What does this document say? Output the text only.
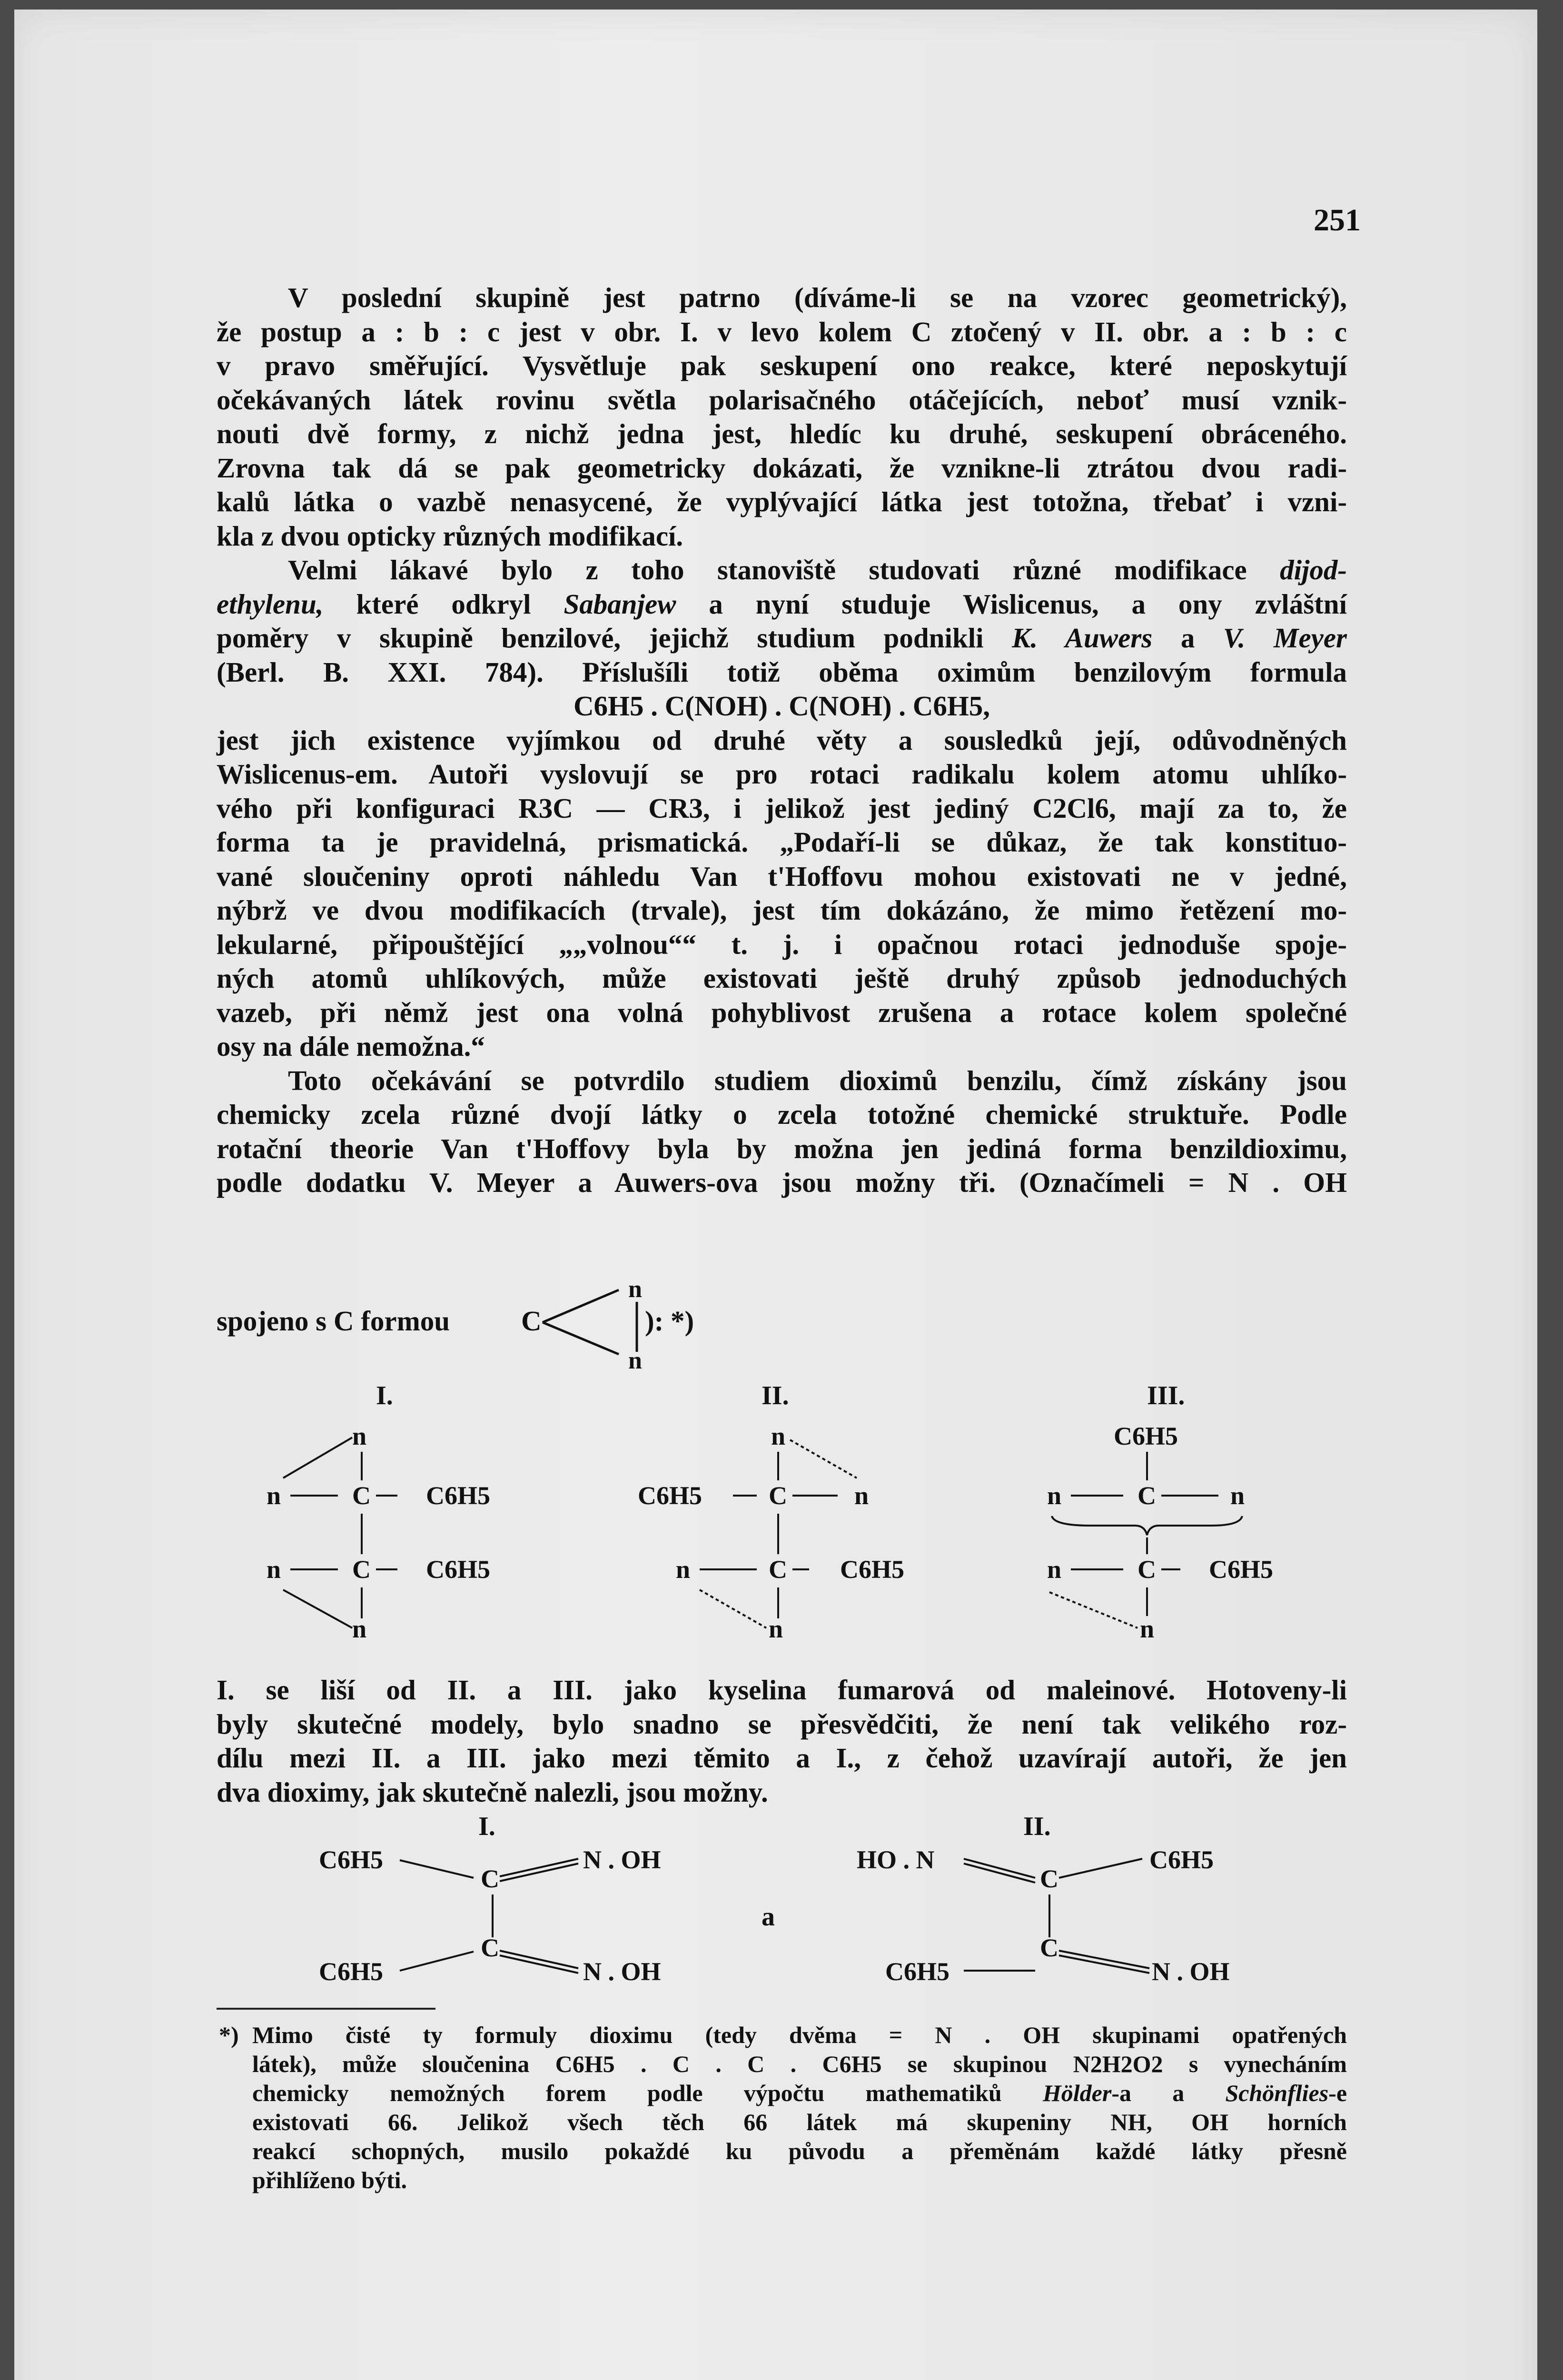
251

V poslední skupině jest patrno (díváme-li se na vzorec geometrický),
že postup a : b : c jest v obr. I. v levo kolem C ztočený v II. obr. a : b : c
v pravo směřující. Vysvětluje pak seskupení ono reakce, které neposkytují
očekávaných látek rovinu světla polarisačného otáčejících, neboť musí vznik-
nouti dvě formy, z nichž jedna jest, hledíc ku druhé, seskupení obráceného.
Zrovna tak dá se pak geometricky dokázati, že vznikne-li ztrátou dvou radi-
kalů látka o vazbě nenasycené, že vyplývající látka jest totožna, třebať i vzni-
kla z dvou opticky různých modifikací.

Velmi lákavé bylo z toho stanoviště studovati různé modifikace dijod-
ethylenu, které odkryl Sabanjew a nyní studuje Wislicenus, a ony zvláštní
poměry v skupině benzilové, jejichž studium podnikli K. Auwers a V. Meyer
(Berl. B. XXI. 784). Příslušíli totiž oběma oximům benzilovým formula
C6H5 . C(NOH) . C(NOH) . C6H5,
jest jich existence vyjímkou od druhé věty a sousledků její, odůvodněných
Wislicenus-em. Autoři vyslovují se pro rotaci radikalu kolem atomu uhlíko-
vého při konfiguraci R3C — CR3, i jelikož jest jediný C2Cl6, mají za to, že
forma ta je pravidelná, prismatická. „Podaří-li se důkaz, že tak konstituo-
vané sloučeniny oproti náhledu Van t'Hoffovu mohou existovati ne v jedné,
nýbrž ve dvou modifikacích (trvale), jest tím dokázáno, že mimo řetězení mo-
lekularné, připouštějící „„volnou““ t. j. i opačnou rotaci jednoduše spoje-
ných atomů uhlíkových, může existovati ještě druhý způsob jednoduchých
vazeb, při němž jest ona volná pohyblivost zrušena a rotace kolem společné
osy na dále nemožna.“

Toto očekávání se potvrdilo studiem dioximů benzilu, čímž získány jsou
chemicky zcela různé dvojí látky o zcela totožné chemické struktuře. Podle
rotační theorie Van t'Hoffovy byla by možna jen jediná forma benzildioximu,
podle dodatku V. Meyer a Auwers-ova jsou možny tři. (Označímeli = N . OH

spojeno s C formou	C
n
n
): *)
I.
n
n	C C6H5
n	C C6H5
n
II.
n
C6H5	C	n
n	C C6H5
n
III.
C6H5
n	C	n
n	C C6H5
n
I. se liší od II. a III. jako kyselina fumarová od maleinové. Hotoveny-li
byly skutečné modely, bylo snadno se přesvědčiti, že není tak velikého roz-
dílu mezi II. a III. jako mezi těmito a I., z čehož uzavírají autoři, že jen
dva dioximy, jak skutečně nalezli, jsou možny.
I.
C6H5
C
N . OH
C6H5
C
N . OH
a
II.
HO . N
C
C6H5
C6H5
C
N . OH
*) Mimo čisté ty formuly dioximu (tedy dvěma = N . OH skupinami opatřených
látek), může sloučenina C6H5 . C . C . C6H5 se skupinou N2H2O2 s vynecháním
chemicky nemožných forem podle výpočtu mathematiků Hölder-a a Schönflies-e
existovati 66. Jelikož všech těch 66 látek má skupeniny NH, OH horních
reakcí schopných, musilo pokaždé ku původu a přeměnám každé látky přesně
přihlíženo býti.
